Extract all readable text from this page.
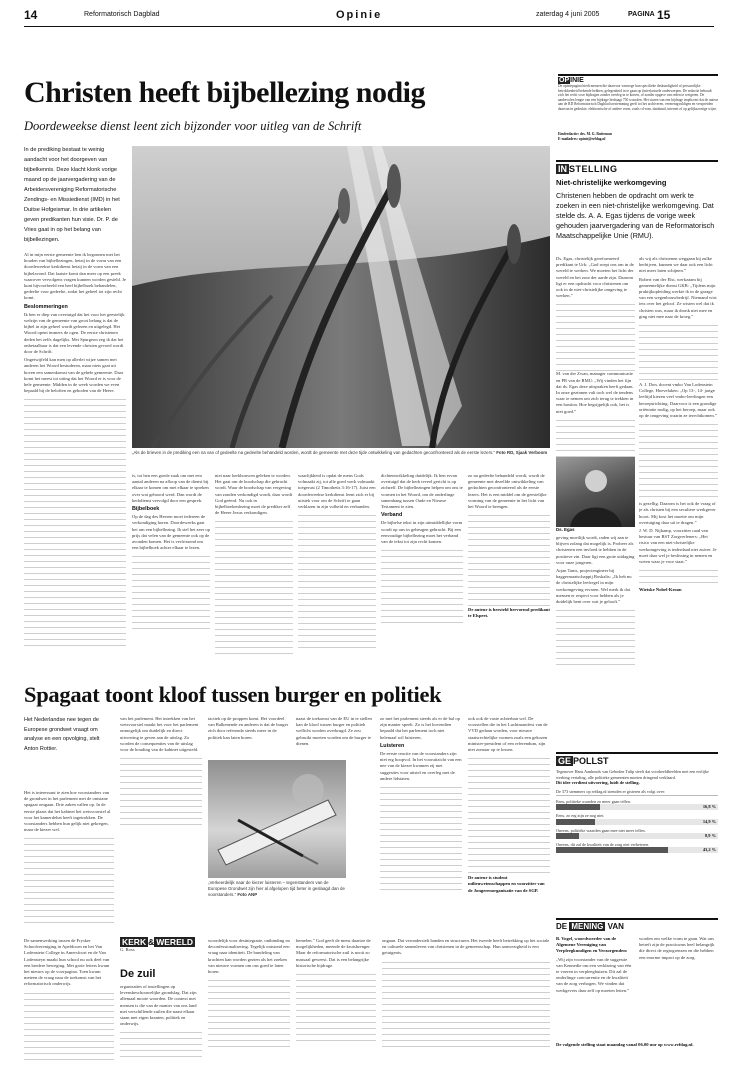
14	Reformatorisch Dagblad	Opinie	zaterdag 4 juni 2005	PAGINA 15
OPINIE
De opiniepagina biedt mensen die daarvoor vanwege hun specifieke deskundigheid of persoonlijke betrokkenheid bekende hebben, gelegenheid in te gaan op (inter)actuele onderwerpen. De redactie behoudt zich het recht voor bijdragen zonder overleg in te korten, of zonder opgave van reden te weigeren. De aanbevolen lengte van een bijdrage bedraagt 750 woorden. Het sturen van een bijdrage impliceert dat de auteur aan de RD Reformatorisch Dagblad toestemming geeft tot het archiveren, vermenigvuldigen en verspreiden daarvan in gedrukte, elektronische of andere vorm, zoals cd-rom, databand, internet of op gelijksoortige wijze.
Eindredactie: drs. M. G. Rutteman
E-mailadres: opinie@refdag.nl
Christen heeft bijbellezing nodig
Doordeweekse dienst leent zich bijzonder voor uitleg van de Schrift
In de prediking bestaat te weinig aandacht voor het doorgeven van bijbelkennis. Deze klacht klonk vorige maand op de jaarvergadering van de Arbeidersvereniging Reformatorische Zendings- en Missiedienst (IMD) in het Duitse Hofgeismar. In drie artikelen geven predikanten hun visie. Dr. P. de Vries gaat in op het belang van bijbellezingen.

Al in mijn eerste gemeente ben ik begonnen met het houden van bijbellezingen, hetzij in de vorm van een doordeweekse kerkdienst hetzij in de vorm van een bijbelavond. Dat laatste komt dan meer op een preek waarover vervolgens vragen kunnen worden gesteld. Je kunt bijvoorbeeld een heel bijbelboek behandelen, gedeelte voor gedeelte, zodat het geheel tot zijn recht komt.

Beslommeringen

Ik ben er diep van overtuigd dat het voor het geestelijk welzijn van de gemeente van groot belang is dat de bijbel in zijn geheel wordt gelezen en uitgelegd. Het Woord opent immers de ogen. De eerste christenen deden het zelfs dagelijks. Met Spurgeon zeg ik dat het onbetaalbaar is dat een levende christen gevoed wordt door de Schrift.

Ongetwijfeld kan men op allerlei wijze samen met anderen het Woord bestuderen, maar niets gaat uit boven een samenkomst van de gehele gemeente. Daar komt het meest tot uiting dat het Woord er is voor de hele gemeente. Midden in de week worden we even bepaald bij de beloften en geboden van de Heere.

„Als de brieven in de prediking een na van of gedeelte na gedeelte behandeld worden, wordt de gemeente met deze tijde ontwikkeling van gedachten geconfronteerd als de eerste lezers.” Foto RD, Sjaak Verboom

is, tot hen een goede zaak om met een aantal anderen na afloop van de dienst bij elkaar te komen om met elkaar te spreken over wat gehoord werd. Dan wordt de kerkdienst vervolgd door een gesprek.

Bijbelboek

Op de dag des Heeren moet iedereen de verkondiging horen. Doordeweeks gaat het om een bijbellezing. Ik stel het zeer op prijs dat velen van de gemeente ook op de avonden komen. Het is verfrissend om een bijbelboek achter elkaar te lezen.

niet naar kerkhouwen geleken te worden. Het gaat om de boodschap die gebracht wordt. Waar de boodschap van vergeving van zonden verkondigd wordt, daar wordt God geëerd. Nu ook in bijbelboekenlezing moet de prediker zelf de Heere Jezus verkondigen.

waarlijkheid is opdat de mens Gods volmaakt zij, tot alle goed werk volmaakt toegerust (2 Timotheüs 3:16-17). Juist een doordeweekse kerkdienst leent zich er bij uitstek voor om de Schrift te gaan verklaren in zijn volheid en verbanden.

dichtentwikkeling duidelijk. Ik ben ervan overtuigd dat de kerk teveel gericht is op zichzelf. De bijbellezingen helpen om ons te vormen in het Woord, om de onderlinge samenhang tussen Oude en Nieuwe Testament te zien.

Verband

De bijbelse tekst in zijn uitmiddellijke vorm wordt op ons in geheugen gebracht. Bij een eenvoudige bijbellezing moet het verband van de tekst tot zijn recht komen.

zo na gedeelte behandeld wordt, wordt de gemeente met dezelfde ontwikkeling van gedachten geconfronteerd als de eerste lezers. Het is een middel om de geestelijke vorming van de gemeente in het licht van het Woord te brengen.

De auteur is hersteld hervormd predikant te Elspeet.

IN STELLING
Niet-christelijke werkomgeving
Christenen hebben de opdracht om werk te zoeken in een niet-christelijke werkomgeving. Dat stelde ds. A. A. Egas tijdens de vorige week gehouden jaarvergadering van de Reformatorisch Maatschappelijke Unie (RMU).

Ds. Egas, christelijk gereformeerd predikant te Urk: „God roept ons om in de wereld te werken. We moeten het licht der wereld en het zout der aarde zijn. Daarom ligt er een opdracht voor christenen om ook in de niet-christelijke omgeving te werken.”

M. van der Zwan, manager communicatie en PR van de RMU: „Wij vinden het fijn dat ds. Egas deze uitspraken heeft gedaan. In onze gezinnen valt toch wel de tendens waar te nemen om zich terug te trekken in een bastion. Hoe begrijpelijk ook, het is niet goed.”

Ds. Egas

geving moeilijk wordt, raden wij aan te blijven zolang dat mogelijk is. Probeer als christenen een invloed te hebben in de positieve zin. Daar ligt een grote uitdaging voor onze jongeren.

Arjan Tanis, projectengineer bij baggermaatschappij Boskalis: „Ik heb nu de christelijke leefregel in mijn werkomgeving ervaren. Wel merk ik dat mensen er respect voor hebben als je duidelijk bent over wat je gelooft.”

als wij als christenen weggaan bij zulke bedrijven, kunnen we daar ook een licht niet meer laten schijnen.”

Robert van der Elst, werkzaam bij gemeentelijke dienst GKB: „Tijdens mijn praktijkopleiding werkte ik in de garage van een wegenbouwbedrijf. Niemand wist iets over het geloof. Ze wisten wel dat ik christen was, maar ik dronk niet mee en ging niet mee naar de kroeg.”

A. J. Don, docent vmbo Van Lodenstein College, Hoevelaken: „Op 13-, 14- jarige leeftijd kiezen veel vmbo-leerlingen een beroepsrichting. Daarvoor is een grondige oriëntatie nodig, op het beroep, maar ook op de omgeving waarin ze terechtkomen.”

is gezellig. Daarom is het ook de vraag of je als christen bij een seculiere werkgever hoort. Mij kost het moeite om mijn overtuiging daar uit te dragen.”

J. W. D. Nijkamp, voorzitter raad van bestuur van RST Zorgverleners: „Het risico van een niet-christelijke werkomgeving is inderdaad niet zuiver. Je moet daar wel je beslissing in nemen en weten waar je voor staat.”

Wietske Nobel-Kroon

Spagaat toont kloof tussen burger en politiek
Het Nederlandse nee tegen de Europese grondwet vraagt om analyse en een opvolging, stelt Anton Rottier.

Het is interessant te zien hoe voorstanders van de grondwet in het parlement met de ontstane spagaat omgaan. Drie zaken vallen op. In de eerste plaats dat het kabinet het wetsvoorstel al voor het kamerdebat heeft ingetrokken. De voorstanders hebben hun gelijk niet gekregen, maar de kiezer wel.

van het parlement. Het intrekken van het wetsvoorstel maakt het voor het parlement onmogelijk om duidelijk en direct uitvoering te geven aan de uitslag. Zo worden de consequenties van de uitslag voor de houding van de kabinet uitgesteld.

tactiek op de proppen komt. Het voordeel van Balkenende en anderen is dat de burger zich door referenda steeds meer in de politiek kan laten horen.

„Verkeerdelijk naar de kiezer luisteren – tegenstanders van de Europese Grondwet zijn hier al afgelopen tijd beter in geslaagd dan de voorstanders.” Foto ANP

naast de toekomst van de EU in te stellen kan de kloof tussen burger en politiek wellicht worden overbrugd. Ze zou gebruikt moeten worden om de burger te dienen.

zo met het parlement steeds als er de bal op zijn manier speelt. Zo is het bovendien bepaald dat het parlement toch niet helemaal wil luisteren.

Luisteren

De eerste reactie van de voorstanders zijn niet erg hoopvol. In het vooruitzicht van een nee van de kiezer kwamen zij met suggesties voor uitstel en overleg met de andere lidstaten.

ook ook de vaste achterban wel. De voorstellen die in het Luchtmanifest van de VVD gedaan worden, voor nieuwe staatsrechtelijke vormen zoals een gekozen minister-president of een referendum, zijn niet zomaar op te lossen.

De auteur is student milieuwetenschappen en voorzitter van de Jongerenorganisatie van de SGP.

GE POLLST
Tegenover Hans Aanhouds van Geboden Tulip steelt dat voorbeeldbeelden met een eerlijke werking vertaling, alle politieke gemeenten moeten dringend verklaard.
Dit idee verdient uitvoering, luidt de stelling.
De 373 stemmers op refdag.nl stemden er gisteren als volgt over:
Eens, politieke waarden zo meer gaan tellen.
16,8 %
Eens, zo erg zijn ze nog niet.
14,9 %
Oneens, politieke waarden gaan mee niet meer tellen.
8,9 %
Oneens, dit zal de kwaliteit van de zorg niet verbeteren.
43,2 %
KERK & WERELD
G. Ross
De zuil

De samenwerking tussen de Frysker Schoolvereniging in Apeldoorn en het Van Lodenstein College in Amersfoort en de Van Lodensteyn maakt hun school nu ook deel van een bredere beweging. Met grote letters kwam het nieuws op de voorpagina. Toen kwam meteen de vraag naar de toekomst van het reformatorisch onderwijs.

organisaties of instellingen op levensbeschouwelijke grondslag. Dat zijn allemaal mooie woorden. De context met mensen is die van de manier van ons land met verschillende zuilen die naast elkaar staan met eigen kranten, politiek en onderwijs.

woordelijk voor desintegratie, ontbinding en deconfessionalisering. Tegelijk ontstond een vraag naar identiteit. De bundeling van krachten kan worden gezien als het zoeken van nieuwe vormen om ons goed te laten horen.

hemelen.” God geeft de mens daartoe de mogelijkheden, meende de kruisbrenger. Maar de reformatorische zuil is nooit zo massaal geweest. Dat is een belangrijke historische bijdrage.

ongaan. Dat veronderstelt banden en structuren. Het tweede heeft betrekking op het sociale en culturele samenleven van christenen in de gemeenschap. Hun aanwezigheid is een getuigenis.

DE MENING VAN

B. Vogel, woordvoerder van de Algemene Vereniging van Verpleegkundigen en Verzorgenden:

„Wij zijn voorstander van de suggestie van Kennedie om een verklaring van één te voeren in verpleeghuizen. Dit zal de onderlinge concurrentie en de kwaliteit van de zorg verhogen. We vinden dat werkgevers daar zelf op moeten letten.”

worden om welke vorm te gaan. Wat ons betreft zijn de practicums heel belangrijk die direct de regiogrenzen en die hebben een enorme impact op de zorg.

De volgende stelling staat maandag vanaf 06.00 uur op www.refdag.nl.
